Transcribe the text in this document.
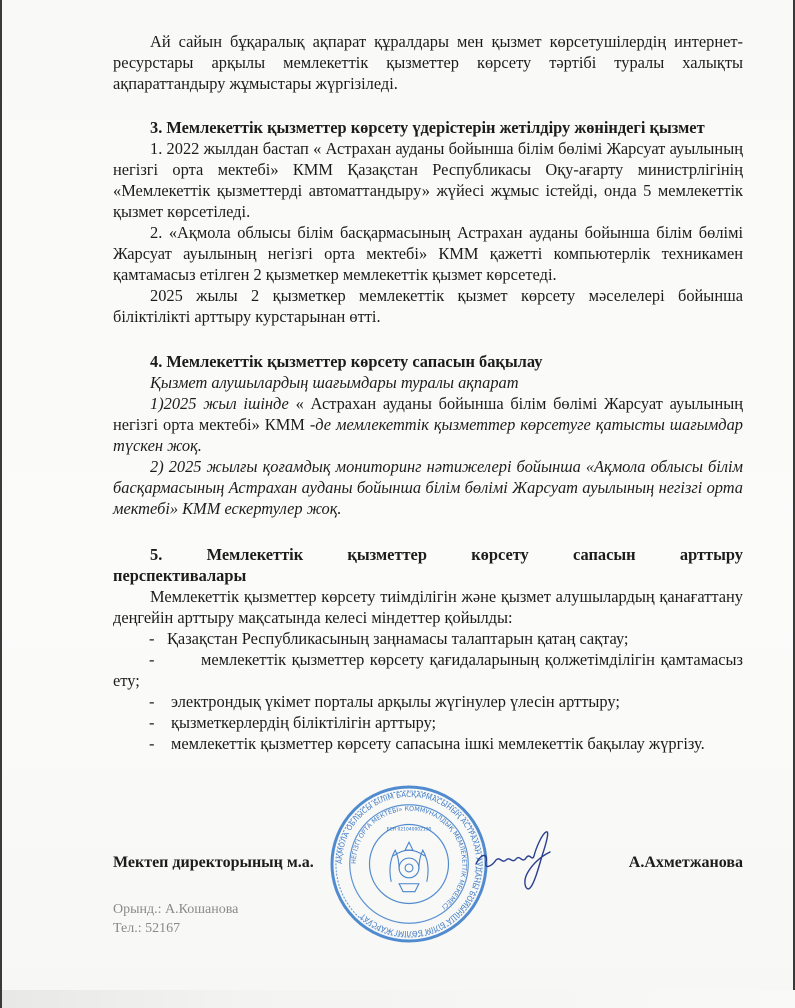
Ай сайын бұқаралық ақпарат құралдары мен қызмет көрсетушілердің интернет-ресурстары арқылы мемлекеттік қызметтер көрсету тәртібі туралы халықты ақпараттандыру жұмыстары жүргізіледі.

3. Мемлекеттік қызметтер көрсету үдерістерін жетілдіру жөніндегі қызмет

1. 2022 жылдан бастап « Астрахан ауданы бойынша білім бөлімі Жарсуат ауылының негізгі орта мектебі» КММ Қазақстан Республикасы Оқу-ағарту министрлігінің «Мемлекеттік қызметтерді автоматтандыру» жүйесі жұмыс істейді, онда 5 мемлекеттік қызмет көрсетіледі.

2. «Ақмола облысы білім басқармасының Астрахан ауданы бойынша білім бөлімі Жарсуат ауылының негізгі орта мектебі» КММ қажетті компьютерлік техникамен қамтамасыз етілген 2 қызметкер мемлекеттік қызмет көрсетеді.

2025 жылы 2 қызметкер мемлекеттік қызмет көрсету мәселелері бойынша біліктілікті арттыру курстарынан өтті.

4. Мемлекеттік қызметтер көрсету сапасын бақылау

Қызмет алушылардың шағымдары туралы ақпарат

1)2025 жыл ішінде « Астрахан ауданы бойынша білім бөлімі Жарсуат ауылының негізгі орта мектебі» КММ -де мемлекеттік қызметтер көрсетуге қатысты шағымдар түскен жоқ.

2) 2025 жылғы қоғамдық мониторинг нәтижелері бойынша «Ақмола облысы білім басқармасының Астрахан ауданы бойынша білім бөлімі Жарсуат ауылының негізгі орта мектебі» КММ ескертулер жоқ.

5. Мемлекеттік қызметтер көрсету сапасын арттыру

перспективалары

Мемлекеттік қызметтер көрсету тиімділігін және қызмет алушылардың қанағаттану деңгейін арттыру мақсатында келесі міндеттер қойылды:

- Қазақстан Республикасының заңнамасы талаптарын қатаң сақтау;
- мемлекеттік қызметтер көрсету қағидаларының қолжетімділігін қамтамасыз ету;
- электрондық үкімет порталы арқылы жүгінулер үлесін арттыру;
- қызметкерлердің біліктілігін арттыру;
- мемлекеттік қызметтер көрсету сапасына ішкі мемлекеттік бақылау жүргізу.
АҚМОЛА ОБЛЫСЫ БІЛІМ БАСҚАРМАСЫНЫҢ АСТРАХАН АУДАНЫ БОЙЫНША БІЛІМ БӨЛІМІ ЖАРСУАТ
НЕГІЗГІ ОРТА МЕКТЕБІ» КОММУНАЛДЫҚ МЕМЛЕКЕТТІК МЕКЕМЕСІ
БСН 021040002190
Мектеп директорының м.а.	А.Ахметжанова
Орынд.: А.Кошанова
Тел.: 52167
